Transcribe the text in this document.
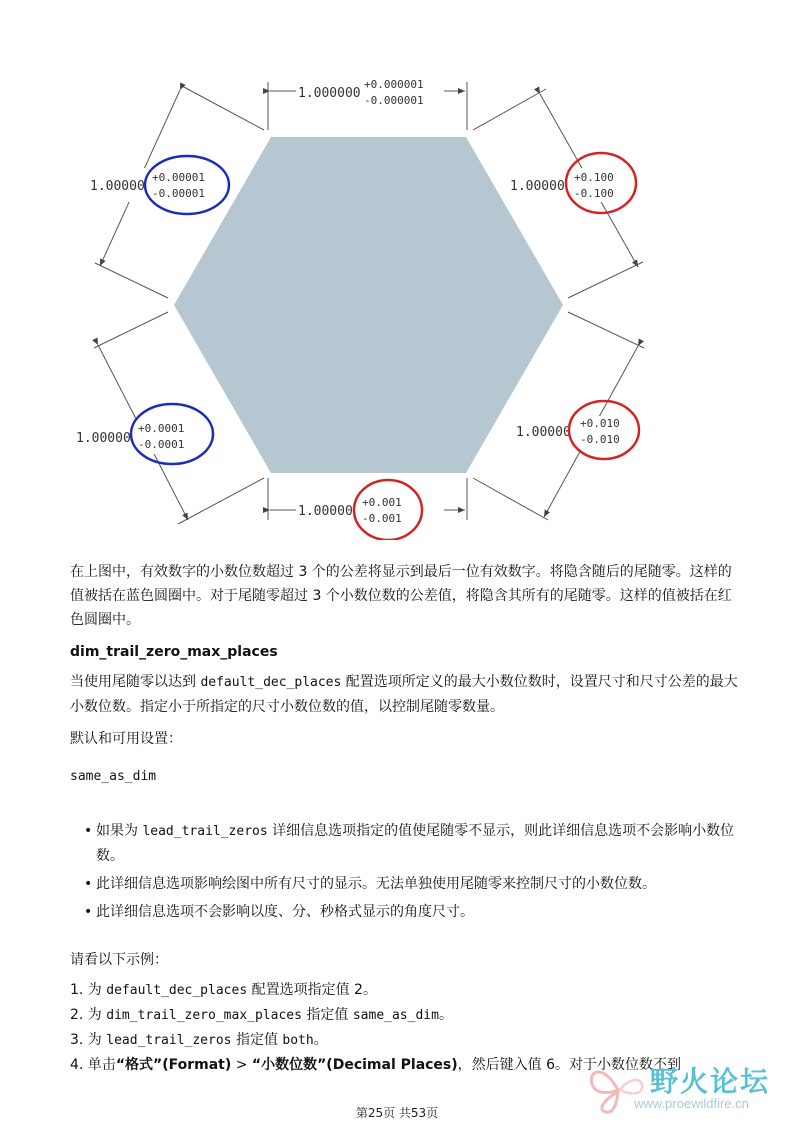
1.000000
+0.000001
-0.000001
1.00000
+0.00001
-0.00001	1.00000
+0.100
-0.100
1.00000
+0.0001
-0.0001
1.00000
+0.010
-0.010
1.00000
+0.001
-0.001

在上图中，有效数字的小数位数超过 3 个的公差将显示到最后一位有效数字。将隐含随后的尾随零。这样的值被括在蓝色圆圈中。对于尾随零超过 3 个小数位数的公差值，将隐含其所有的尾随零。这样的值被括在红色圆圈中。

dim_trail_zero_max_places

当使用尾随零以达到 default_dec_places 配置选项所定义的最大小数位数时，设置尺寸和尺寸公差的最大小数位数。指定小于所指定的尺寸小数位数的值，以控制尾随零数量。

默认和可用设置：

same_as_dim

• 如果为 lead_trail_zeros 详细信息选项指定的值使尾随零不显示，则此详细信息选项不会影响小数位数。
• 此详细信息选项影响绘图中所有尺寸的显示。无法单独使用尾随零来控制尺寸的小数位数。
• 此详细信息选项不会影响以度、分、秒格式显示的角度尺寸。

请看以下示例：

1. 为 default_dec_places 配置选项指定值 2。
2. 为 dim_trail_zero_max_places 指定值 same_as_dim。
3. 为 lead_trail_zeros 指定值 both。
4. 单击“格式”(Format) > “小数位数”(Decimal Places)，然后键入值 6。对于小数位数不到
野火论坛
www.proewildfire.cn
第25页 共53页
